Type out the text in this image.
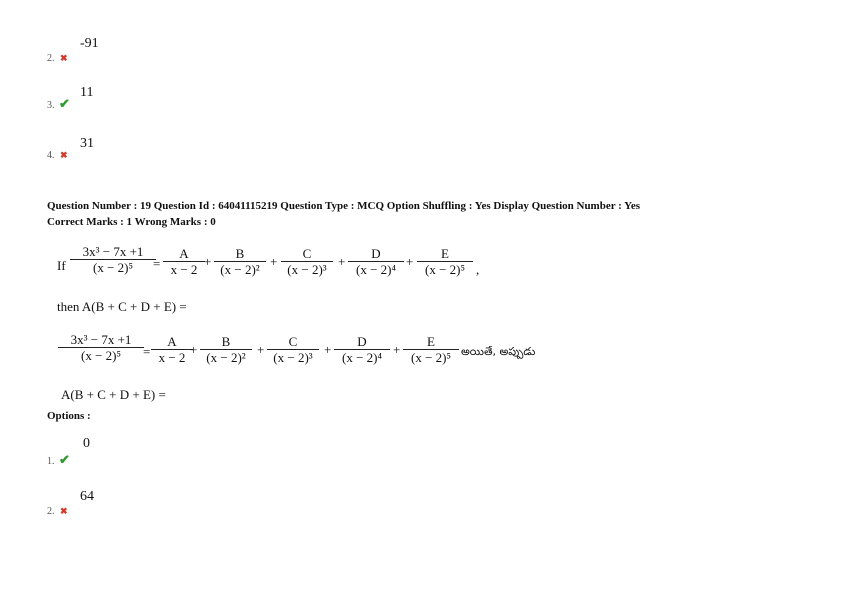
-91
2. ✖
11
3. ✔
31
4. ✖
Question Number : 19 Question Id : 64041115219 Question Type : MCQ Option Shuffling : Yes Display Question Number : Yes
Correct Marks : 1 Wrong Marks : 0
If
3x³ − 7x +1
(x − 2)⁵	=
A
x − 2
+
B
(x − 2)²
+
C
(x − 2)³
+
D
(x − 2)⁴
+
E
(x − 2)⁵ ,
then A(B + C + D + E) =
3x³ − 7x +1
(x − 2)⁵	=
A
x − 2
+
B
(x − 2)²
+
C
(x − 2)³
+
D
(x − 2)⁴
+
E
(x − 2)⁵ అయితే, అప్పుడు
A(B + C + D + E) =
Options :
0
1. ✔
64
2. ✖
